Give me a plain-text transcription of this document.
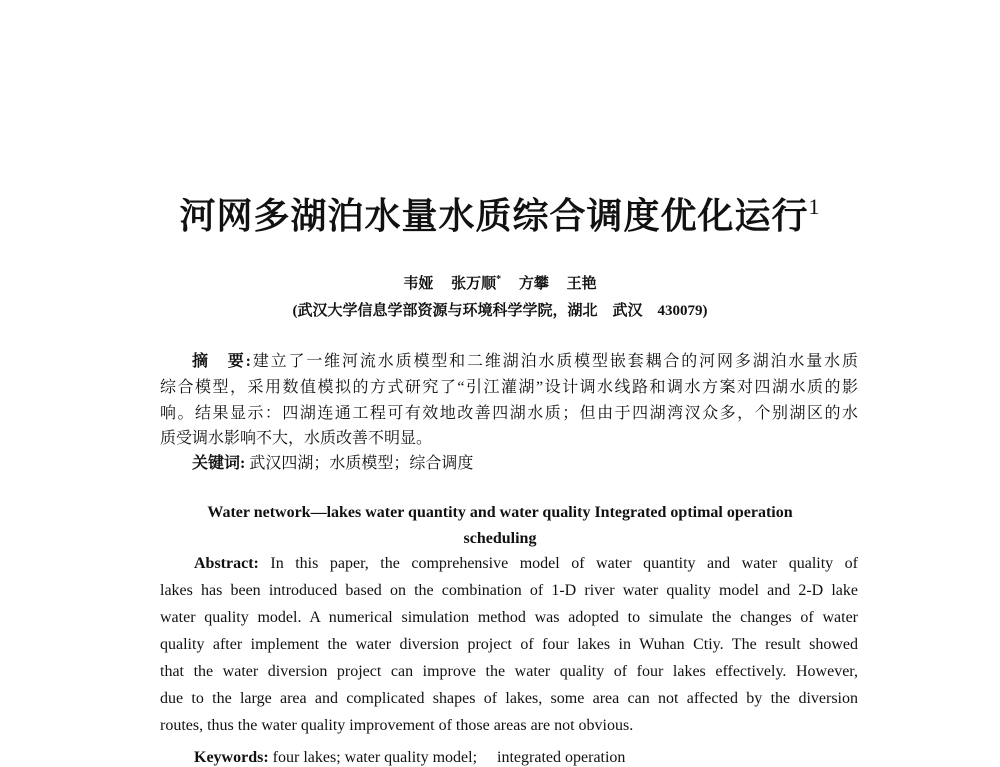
河网多湖泊水量水质综合调度优化运行$^1$
韦娅 张万顺* 方攀 王艳
(武汉大学信息学部资源与环境科学学院，湖北　武汉　430079)
摘　要:建立了一维河流水质模型和二维湖泊水质模型嵌套耦合的河网多湖泊水量水质
综合模型，采用数值模拟的方式研究了“引江灌湖”设计调水线路和调水方案对四湖水质的影
响。结果显示：四湖连通工程可有效地改善四湖水质；但由于四湖湾汊众多，个别湖区的水
质受调水影响不大，水质改善不明显。
关键词: 武汉四湖；水质模型；综合调度
Water network—lakes water quantity and water quality Integrated optimal operation
scheduling
Abstract: In this paper, the comprehensive model of water quantity and water quality of
lakes has been introduced based on the combination of 1-D river water quality model and 2-D lake
water quality model. A numerical simulation method was adopted to simulate the changes of water
quality after implement the water diversion project of four lakes in Wuhan Ctiy. The result showed
that the water diversion project can improve the water quality of four lakes effectively. However,
due to the large area and complicated shapes of lakes, some area can not affected by the diversion
routes, thus the water quality improvement of those areas are not obvious.
Keywords: four lakes; water quality model;　 integrated operation
